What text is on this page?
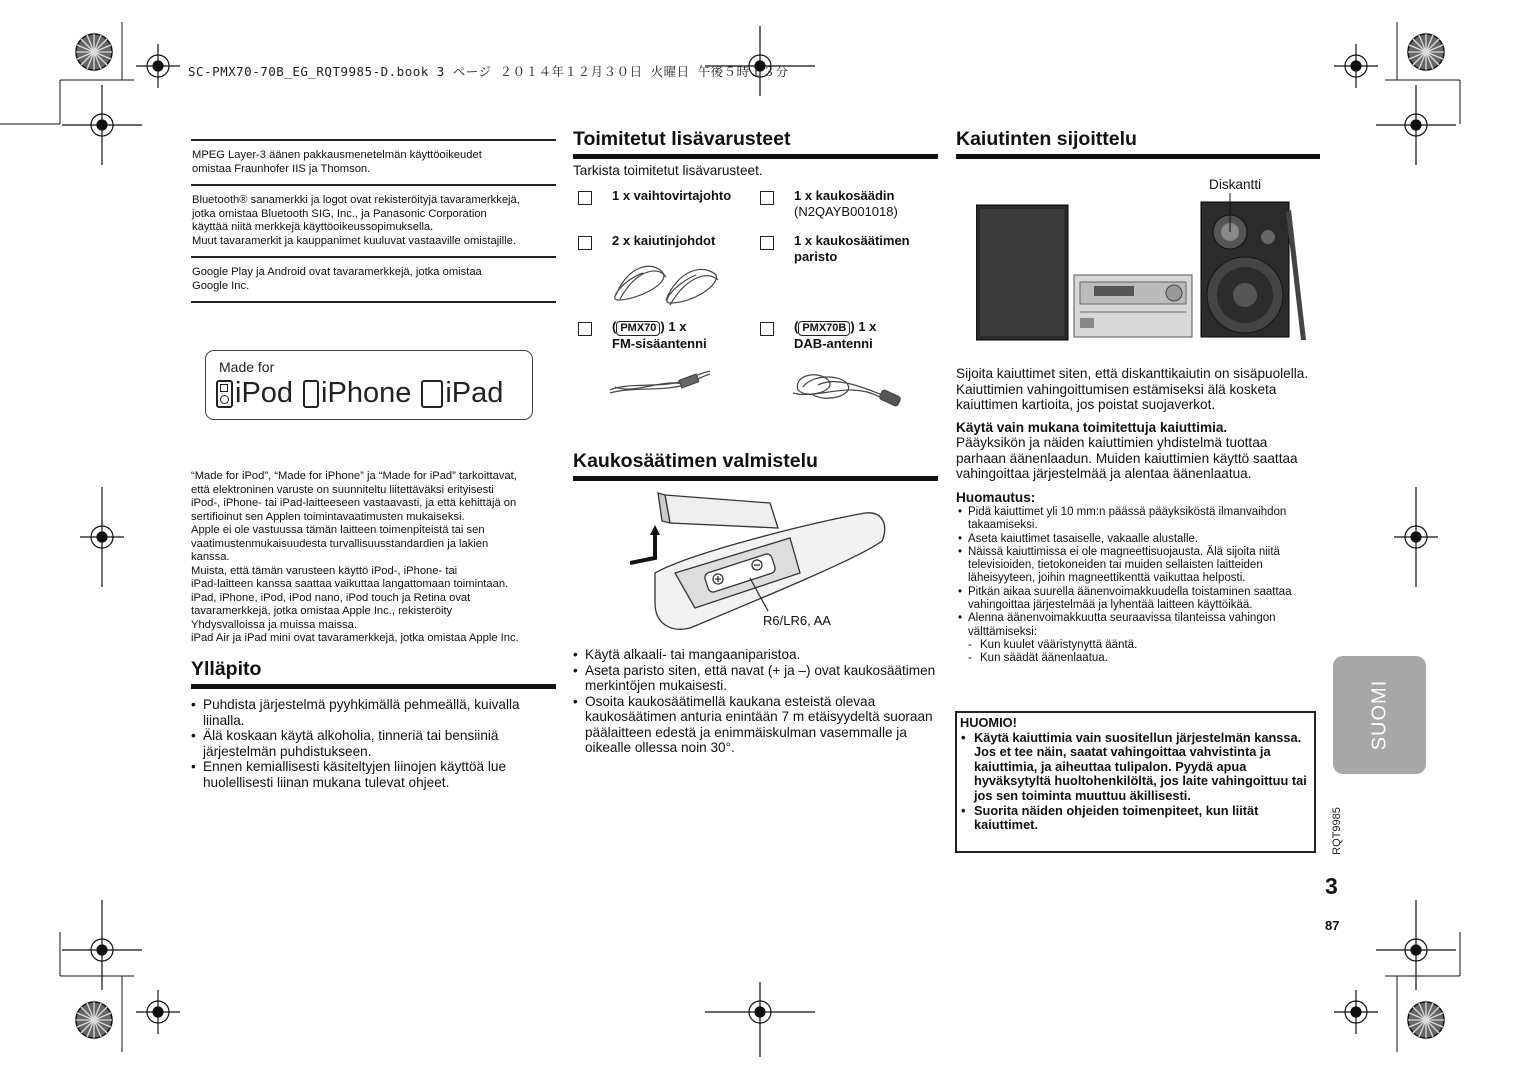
SC-PMX70-70B_EG_RQT9985-D.book 3 ページ ２０１４年１２月３０日 火曜日 午後５時１３分

MPEG Layer-3 äänen pakkausmenetelmän käyttöoikeudet

omistaa Fraunhofer IIS ja Thomson.

Bluetooth® sanamerkki ja logot ovat rekisteröityjä tavaramerkkejä,

jotka omistaa Bluetooth SIG, Inc., ja Panasonic Corporation

käyttää niitä merkkejä käyttöoikeussopimuksella.

Muut tavaramerkit ja kauppanimet kuuluvat vastaaville omistajille.

Google Play ja Android ovat tavaramerkkejä, jotka omistaa

Google Inc.

Made for
iPod iPhone iPad

“Made for iPod”, “Made for iPhone” ja “Made for iPad” tarkoittavat,

että elektroninen varuste on suunniteltu liitettäväksi erityisesti

iPod-, iPhone- tai iPad-laitteeseen vastaavasti, ja että kehittäjä on

sertifioinut sen Applen toimintavaatimusten mukaiseksi.

Apple ei ole vastuussa tämän laitteen toimenpiteistä tai sen

vaatimustenmukaisuudesta turvallisuusstandardien ja lakien

kanssa.

Muista, että tämän varusteen käyttö iPod-, iPhone- tai

iPad-laitteen kanssa saattaa vaikuttaa langattomaan toimintaan.

iPad, iPhone, iPod, iPod nano, iPod touch ja Retina ovat

tavaramerkkejä, jotka omistaa Apple Inc., rekisteröity

Yhdysvalloissa ja muissa maissa.

iPad Air ja iPad mini ovat tavaramerkkejä, jotka omistaa Apple Inc.

Ylläpito
• Puhdista järjestelmä pyyhkimällä pehmeällä, kuivalla liinalla.
• Älä koskaan käytä alkoholia, tinneriä tai bensiiniä järjestelmän puhdistukseen.
• Ennen kemiallisesti käsiteltyjen liinojen käyttöä lue huolellisesti liinan mukana tulevat ohjeet.
Toimitetut lisävarusteet
Tarkista toimitetut lisävarusteet.
1 x vaihtovirtajohto	1 x kaukosäädin
(N2QAYB001018)
2 x kaiutinjohdot	1 x kaukosäätimen
paristo
( PMX70 ) 1 x
FM-sisäantenni
( PMX70B ) 1 x
DAB-antenni
Kaukosäätimen valmistelu
R6/LR6, AA
• Käytä alkaali- tai mangaaniparistoa.
• Aseta paristo siten, että navat (+ ja –) ovat kaukosäätimen merkintöjen mukaisesti.
• Osoita kaukosäätimellä kaukana esteistä olevaa kaukosäätimen anturia enintään 7 m etäisyydeltä suoraan päälaitteen edestä ja enimmäiskulman vasemmalle ja oikealle ollessa noin 30°.
Kaiutinten sijoittelu
Diskantti

Sijoita kaiuttimet siten, että diskanttikaiutin on sisäpuolella. Kaiuttimien vahingoittumisen estämiseksi älä kosketa kaiuttimen kartioita, jos poistat suojaverkot.

Käytä vain mukana toimitettuja kaiuttimia.

Pääyksikön ja näiden kaiuttimien yhdistelmä tuottaa parhaan äänenlaadun. Muiden kaiuttimien käyttö saattaa vahingoittaa järjestelmää ja alentaa äänenlaatua.

Huomautus:

• Pidä kaiuttimet yli 10 mm:n päässä pääyksiköstä ilmanvaihdon takaamiseksi.
• Aseta kaiuttimet tasaiselle, vakaalle alustalle.
• Näissä kaiuttimissa ei ole magneettisuojausta. Älä sijoita niitä televisioiden, tietokoneiden tai muiden sellaisten laitteiden läheisyyteen, joihin magneettikenttä vaikuttaa helposti.
• Pitkän aikaa suurella äänenvoimakkuudella toistaminen saattaa vahingoittaa järjestelmää ja lyhentää laitteen käyttöikää.
• Alenna äänenvoimakkuutta seuraavissa tilanteissa vahingon välttämiseksi:
- Kun kuulet vääristynyttä ääntä.
- Kun säädät äänenlaatua.
HUOMIO!
• Käytä kaiuttimia vain suositellun järjestelmän kanssa. Jos et tee näin, saatat vahingoittaa vahvistinta ja kaiuttimia, ja aiheuttaa tulipalon. Pyydä apua hyväksytyltä huoltohenkilöltä, jos laite vahingoittuu tai jos sen toiminta muuttuu äkillisesti.
• Suorita näiden ohjeiden toimenpiteet, kun liität kaiuttimet.
SUOMI
RQT9985
3
87
